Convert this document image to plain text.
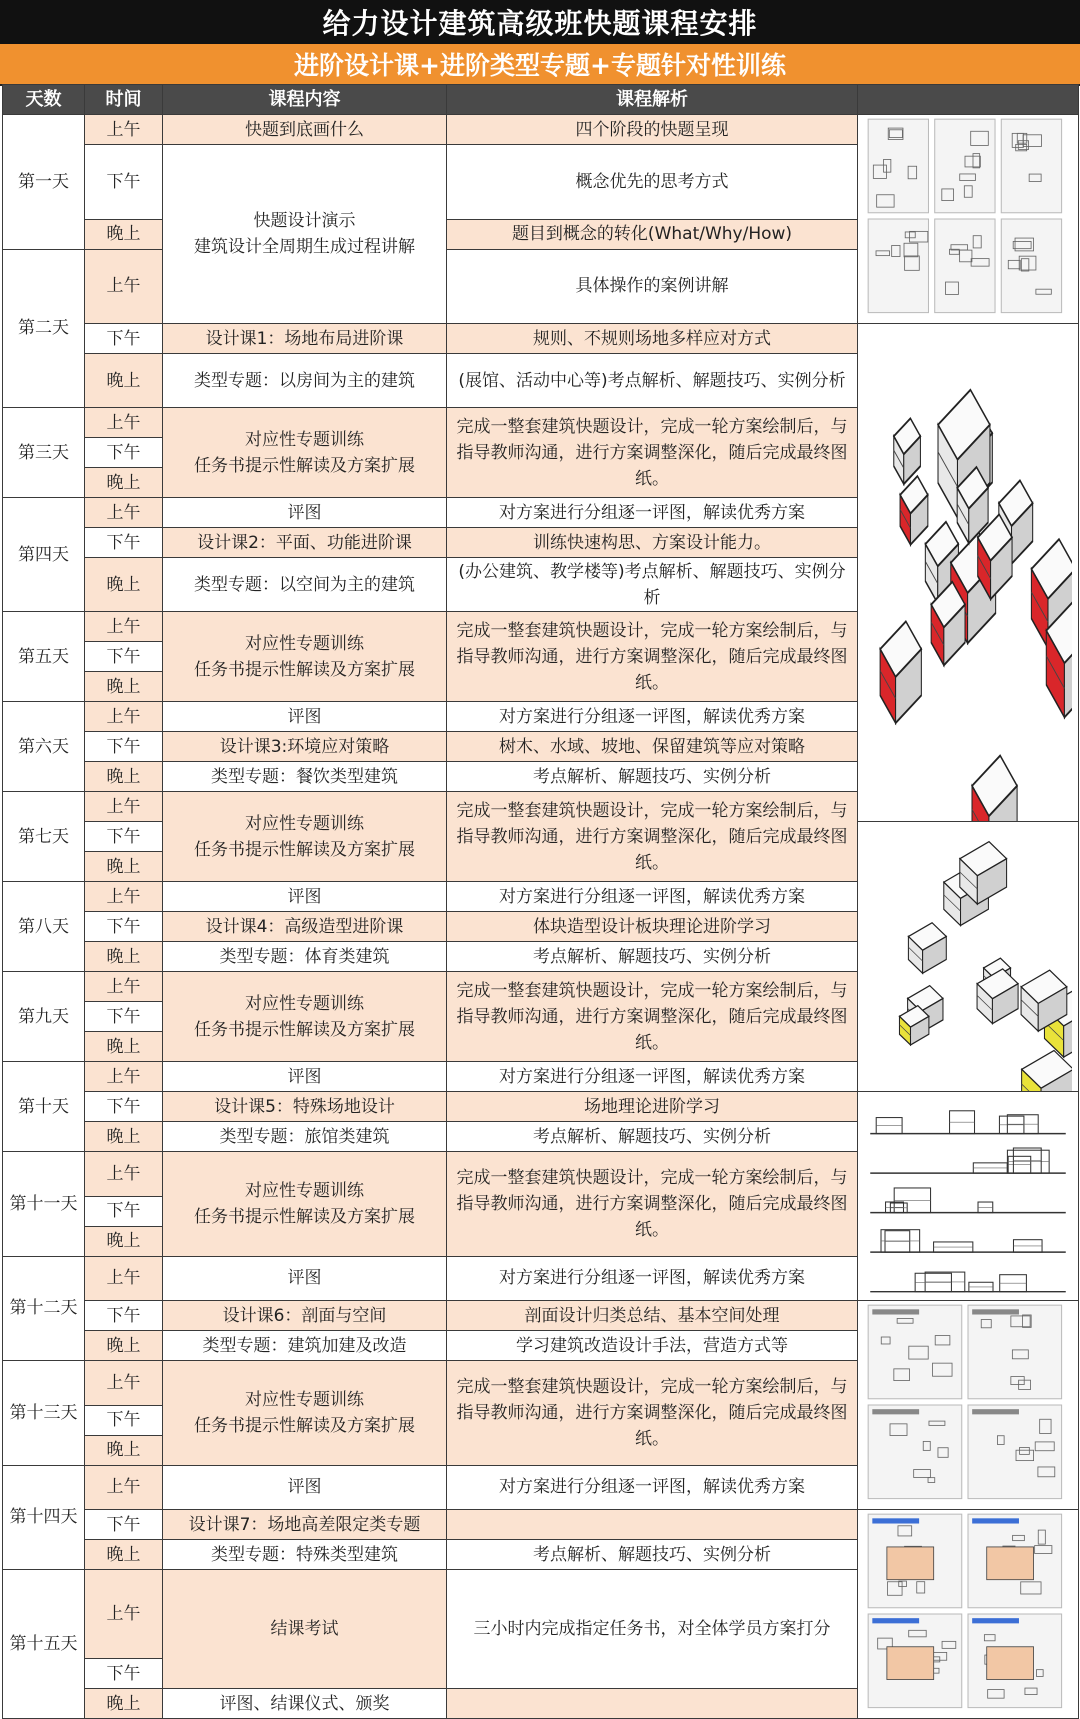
给力设计建筑高级班快题课程安排
进阶设计课+进阶类型专题+专题针对性训练
天数	时间	课程内容	课程解析	
第一天	上午	快题到底画什么	四个阶段的快题呈现	

	下午	快题设计演示
建筑设计全周期生成过程讲解	概念优先的思考方式	
	晚上		题目到概念的转化(What/Why/How)	
第二天	上午		具体操作的案例讲解	
	下午	设计课1：场地布局进阶课	规则、不规则场地多样应对方式	

	晚上	类型专题：以房间为主的建筑	(展馆、活动中心等)考点解析、解题技巧、实例分析	
第三天	上午	对应性专题训练
任务书提示性解读及方案扩展	完成一整套建筑快题设计，完成一轮方案绘制后，与指导教师沟通，进行方案调整深化，随后完成最终图纸。	
	下午			
	晚上			
第四天	上午	评图	对方案进行分组逐一评图，解读优秀方案	
	下午	设计课2：平面、功能进阶课	训练快速构思、方案设计能力。	
	晚上	类型专题：以空间为主的建筑	(办公建筑、教学楼等)考点解析、解题技巧、实例分析	
第五天	上午	对应性专题训练
任务书提示性解读及方案扩展	完成一整套建筑快题设计，完成一轮方案绘制后，与指导教师沟通，进行方案调整深化，随后完成最终图纸。	
	下午			
	晚上			
第六天	上午	评图	对方案进行分组逐一评图，解读优秀方案	
	下午	设计课3:环境应对策略	树木、水域、坡地、保留建筑等应对策略	
	晚上	类型专题：餐饮类型建筑	考点解析、解题技巧、实例分析	
第七天	上午	对应性专题训练
任务书提示性解读及方案扩展	完成一整套建筑快题设计，完成一轮方案绘制后，与指导教师沟通，进行方案调整深化，随后完成最终图纸。	
	下午	

	晚上			
第八天	上午	评图	对方案进行分组逐一评图，解读优秀方案	
	下午	设计课4：高级造型进阶课	体块造型设计板块理论进阶学习	
	晚上	类型专题：体育类建筑	考点解析、解题技巧、实例分析	
第九天	上午	对应性专题训练
任务书提示性解读及方案扩展	完成一整套建筑快题设计，完成一轮方案绘制后，与指导教师沟通，进行方案调整深化，随后完成最终图纸。	
	下午			
	晚上			
第十天	上午	评图	对方案进行分组逐一评图，解读优秀方案	
	下午	设计课5：特殊场地设计	场地理论进阶学习	

	晚上	类型专题：旅馆类建筑	考点解析、解题技巧、实例分析	
第十一天	上午	对应性专题训练
任务书提示性解读及方案扩展	完成一整套建筑快题设计，完成一轮方案绘制后，与指导教师沟通，进行方案调整深化，随后完成最终图纸。	
	下午			
	晚上			
第十二天	上午	评图	对方案进行分组逐一评图，解读优秀方案	
	下午	设计课6：剖面与空间	剖面设计归类总结、基本空间处理	

	晚上	类型专题：建筑加建及改造	学习建筑改造设计手法，营造方式等	
第十三天	上午	对应性专题训练
任务书提示性解读及方案扩展	完成一整套建筑快题设计，完成一轮方案绘制后，与指导教师沟通，进行方案调整深化，随后完成最终图纸。	
	下午			
	晚上			
第十四天	上午	评图	对方案进行分组逐一评图，解读优秀方案	
	下午	设计课7：场地高差限定类专题		

	晚上	类型专题：特殊类型建筑	考点解析、解题技巧、实例分析	
第十五天	上午	结课考试	三小时内完成指定任务书，对全体学员方案打分	
	下午			
	晚上	评图、结课仪式、颁奖		
